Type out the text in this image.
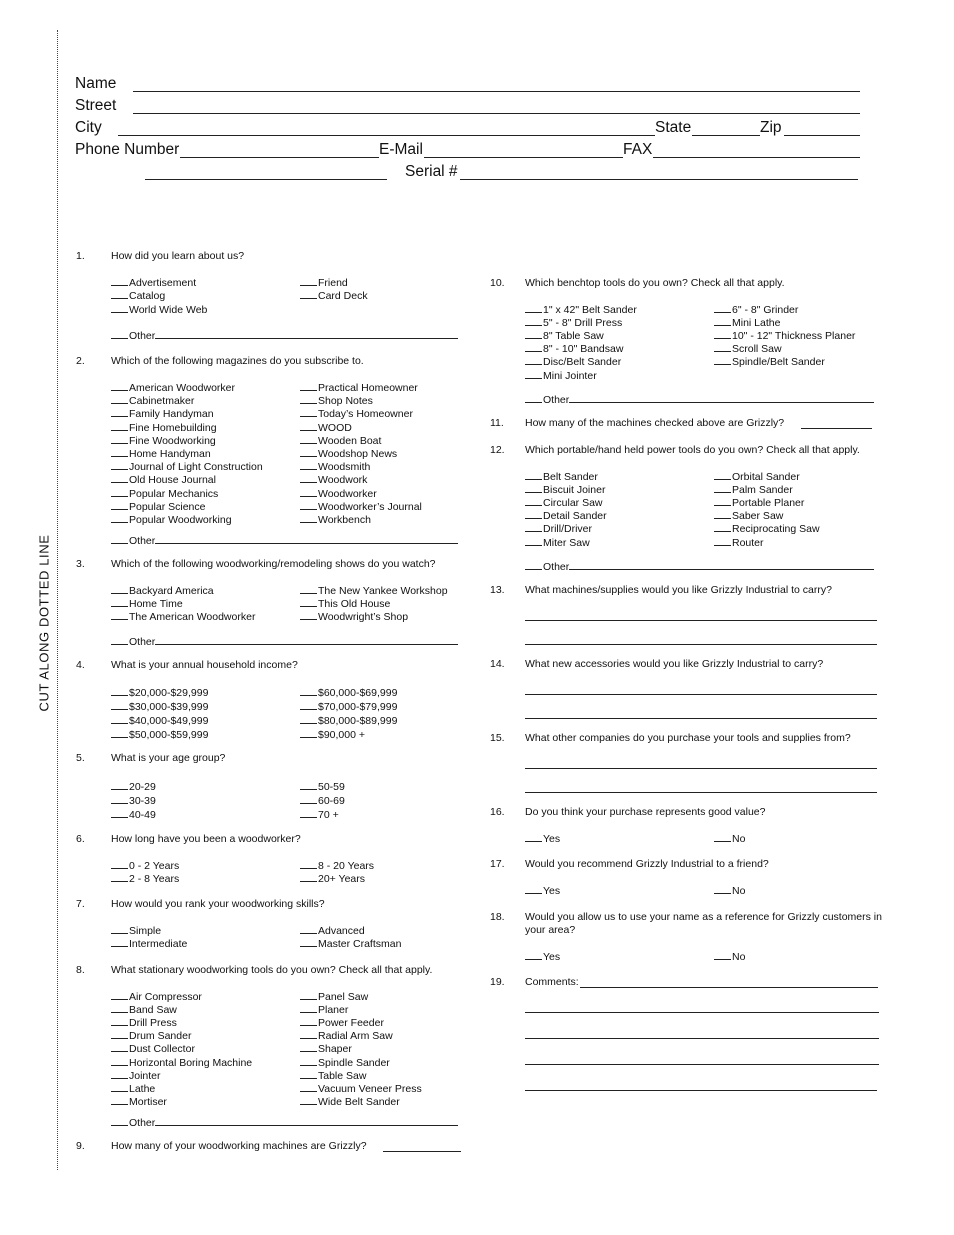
CUT ALONG DOTTED LINE
Name
Street
City	State	Zip
Phone Number	E-Mail	FAX
Serial #
1. How did you learn about us?
2. Which of the following magazines do you subscribe to.
3. Which of the following woodworking/remodeling shows do you watch?
4. What is your annual household income?
5. What is your age group?
6. How long have you been a woodworker?
7. How would you rank your woodworking skills?
8. What stationary woodworking tools do you own? Check all that apply.
9. How many of your woodworking machines are Grizzly?
10. Which benchtop tools do you own? Check all that apply.
11. How many of the machines checked above are Grizzly?
12. Which portable/hand held power tools do you own? Check all that apply.
13. What machines/supplies would you like Grizzly Industrial to carry?
14. What new accessories would you like Grizzly Industrial to carry?
15. What other companies do you purchase your tools and supplies from?
16. Do you think your purchase represents good value?
17. Would you recommend Grizzly Industrial to a friend?
18. Would you allow us to use your name as a reference for Grizzly customers in your area?
19. Comments:
Advertisement
Catalog
World Wide Web
Friend
Card Deck
Other
American Woodworker
Cabinetmaker
Family Handyman
Fine Homebuilding
Fine Woodworking
Home Handyman
Journal of Light Construction
Old House Journal
Popular Mechanics
Popular Science
Popular Woodworking
Practical Homeowner
Shop Notes
Today’s Homeowner
WOOD
Wooden Boat
Woodshop News
Woodsmith
Woodwork
Woodworker
Woodworker’s Journal
Workbench
Other
Backyard America
Home Time
The American Woodworker
The New Yankee Workshop
This Old House
Woodwright’s Shop
Other
$20,000-$29,999
$30,000-$39,999
$40,000-$49,999
$50,000-$59,999
$60,000-$69,999
$70,000-$79,999
$80,000-$89,999
$90,000 +
20-29
30-39
40-49
50-59
60-69
70 +
0 - 2 Years
2 - 8 Years
8 - 20 Years
20+ Years
Simple
Intermediate
Advanced
Master Craftsman
Air Compressor
Band Saw
Drill Press
Drum Sander
Dust Collector
Horizontal Boring Machine
Jointer
Lathe
Mortiser
Panel Saw
Planer
Power Feeder
Radial Arm Saw
Shaper
Spindle Sander
Table Saw
Vacuum Veneer Press
Wide Belt Sander
Other
1" x 42" Belt Sander
5" - 8" Drill Press
8" Table Saw
8" - 10" Bandsaw
Disc/Belt Sander
Mini Jointer
6" - 8" Grinder
Mini Lathe
10" - 12" Thickness Planer
Scroll Saw
Spindle/Belt Sander
Other
Belt Sander
Biscuit Joiner
Circular Saw
Detail Sander
Drill/Driver
Miter Saw
Orbital Sander
Palm Sander
Portable Planer
Saber Saw
Reciprocating Saw
Router
Other
Yes	No
Yes	No
Yes	No
